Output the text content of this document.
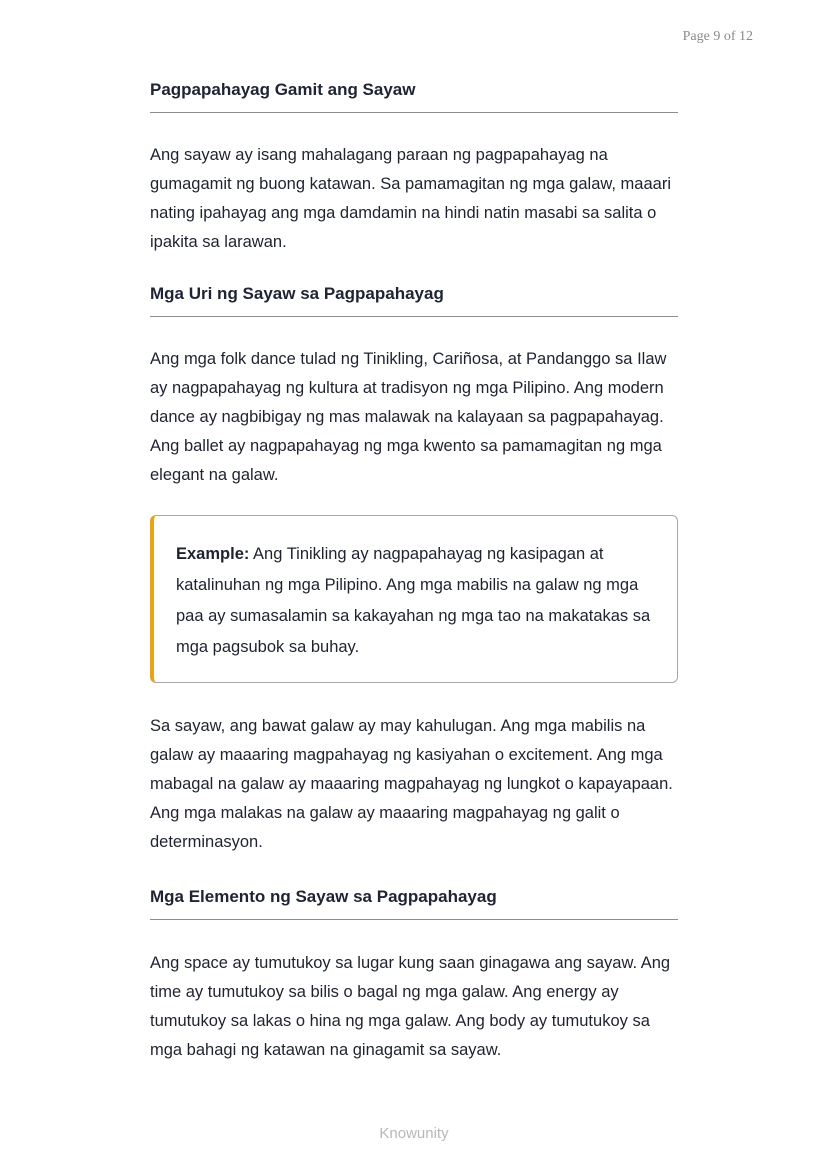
Page 9 of 12
Pagpapahayag Gamit ang Sayaw

Ang sayaw ay isang mahalagang paraan ng pagpapahayag na gumagamit ng buong katawan. Sa pamamagitan ng mga galaw, maaari nating ipahayag ang mga damdamin na hindi natin masabi sa salita o ipakita sa larawan.

Mga Uri ng Sayaw sa Pagpapahayag

Ang mga folk dance tulad ng Tinikling, Cariñosa, at Pandanggo sa Ilaw ay nagpapahayag ng kultura at tradisyon ng mga Pilipino. Ang modern dance ay nagbibigay ng mas malawak na kalayaan sa pagpapahayag. Ang ballet ay nagpapahayag ng mga kwento sa pamamagitan ng mga elegant na galaw.

Example: Ang Tinikling ay nagpapahayag ng kasipagan at katalinuhan ng mga Pilipino. Ang mga mabilis na galaw ng mga paa ay sumasalamin sa kakayahan ng mga tao na makatakas sa mga pagsubok sa buhay.

Sa sayaw, ang bawat galaw ay may kahulugan. Ang mga mabilis na galaw ay maaaring magpahayag ng kasiyahan o excitement. Ang mga mabagal na galaw ay maaaring magpahayag ng lungkot o kapayapaan. Ang mga malakas na galaw ay maaaring magpahayag ng galit o determinasyon.

Mga Elemento ng Sayaw sa Pagpapahayag

Ang space ay tumutukoy sa lugar kung saan ginagawa ang sayaw. Ang time ay tumutukoy sa bilis o bagal ng mga galaw. Ang energy ay tumutukoy sa lakas o hina ng mga galaw. Ang body ay tumutukoy sa mga bahagi ng katawan na ginagamit sa sayaw.

Knowunity
